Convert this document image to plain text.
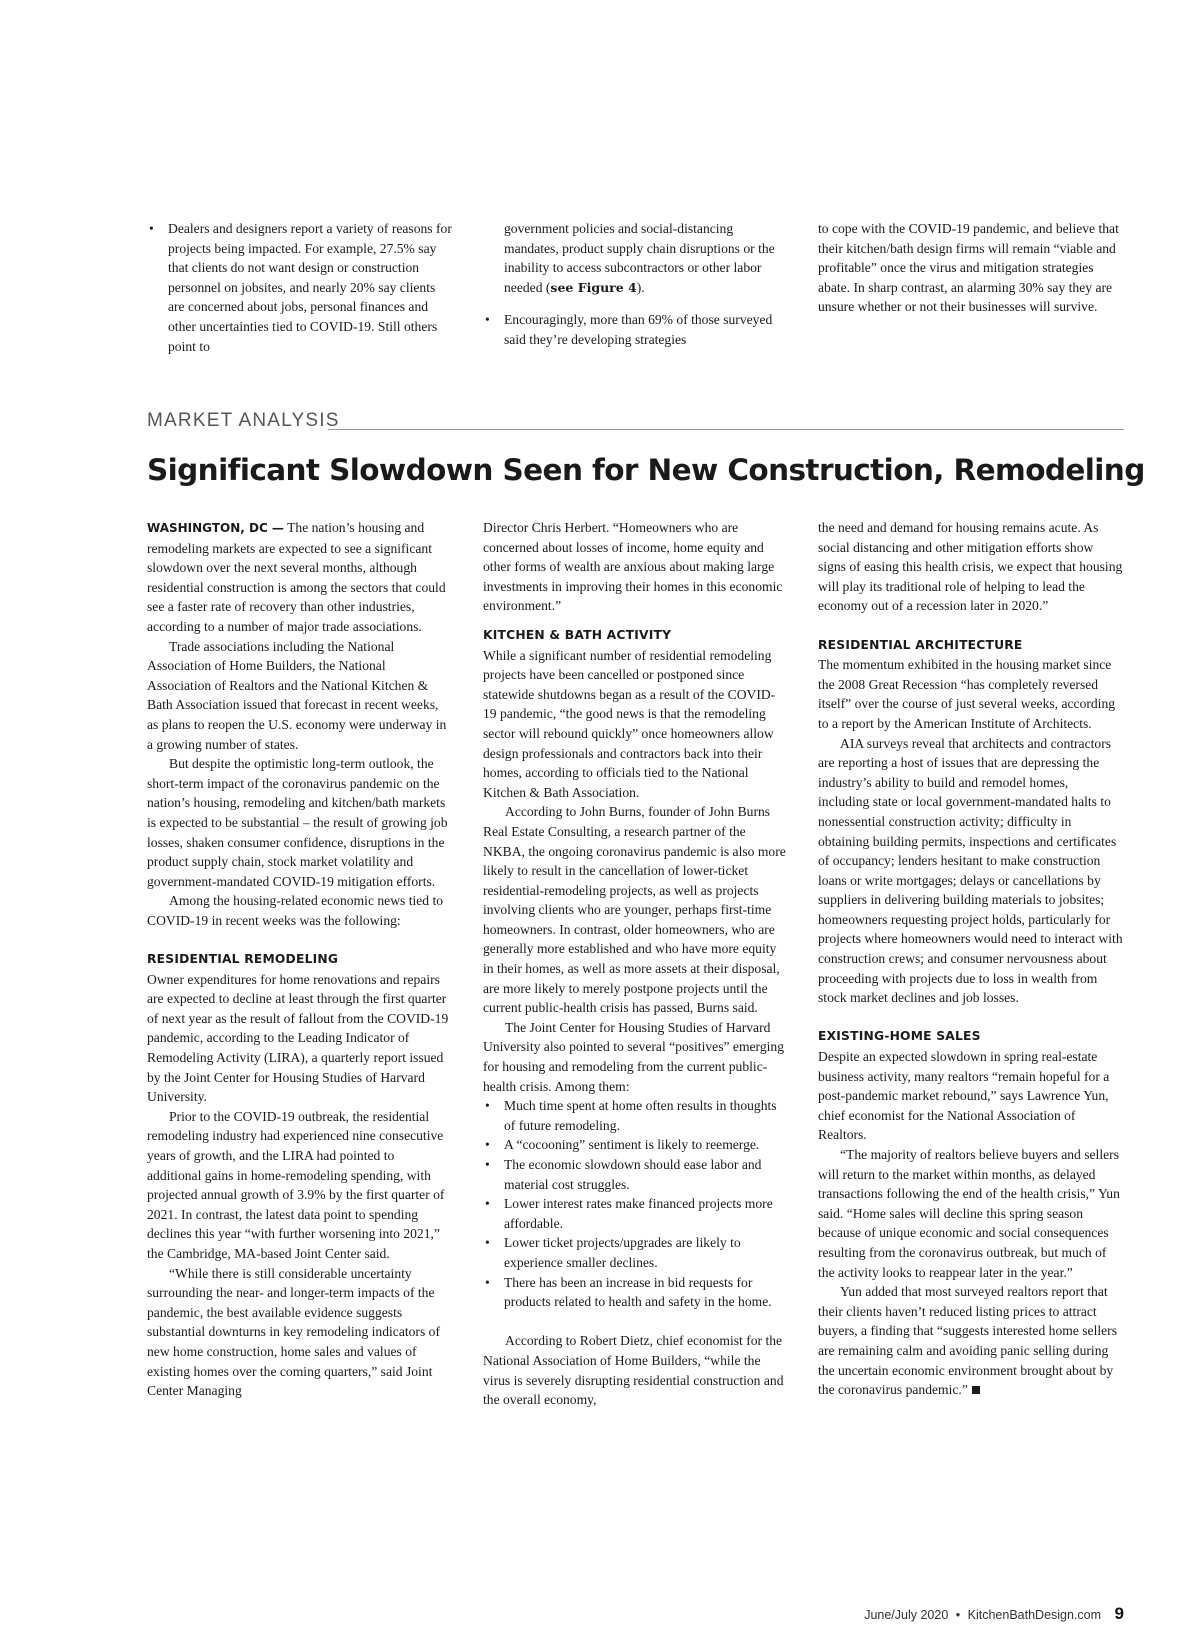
• Dealers and designers report a variety of reasons for projects being impacted. For example, 27.5% say that clients do not want design or construction personnel on jobsites, and nearly 20% say clients are concerned about jobs, personal finances and other uncertainties tied to COVID-19. Still others point to
government policies and social-distancing mandates, product supply chain disruptions or the inability to access subcontractors or other labor needed (see Figure 4).
• Encouragingly, more than 69% of those surveyed said they’re developing strategies

to cope with the COVID-19 pandemic, and believe that their kitchen/bath design firms will remain “viable and profitable” once the virus and mitigation strategies abate. In sharp contrast, an alarming 30% say they are unsure whether or not their businesses will survive.

MARKET ANALYSIS
Significant Slowdown Seen for New Construction, Remodeling

WASHINGTON, DC — The nation’s housing and remodeling markets are expected to see a significant slowdown over the next several months, although residential construction is among the sectors that could see a faster rate of recovery than other industries, according to a number of major trade associations.

Trade associations including the National Association of Home Builders, the National Association of Realtors and the National Kitchen & Bath Association issued that forecast in recent weeks, as plans to reopen the U.S. economy were underway in a growing number of states.

But despite the optimistic long-term outlook, the short-term impact of the coronavirus pandemic on the nation’s housing, remodeling and kitchen/bath markets is expected to be substantial – the result of growing job losses, shaken consumer confidence, disruptions in the product supply chain, stock market volatility and government-mandated COVID-19 mitigation efforts.

Among the housing-related economic news tied to COVID-19 in recent weeks was the following:

RESIDENTIAL REMODELING

Owner expenditures for home renovations and repairs are expected to decline at least through the first quarter of next year as the result of fallout from the COVID-19 pandemic, according to the Leading Indicator of Remodeling Activity (LIRA), a quarterly report issued by the Joint Center for Housing Studies of Harvard University.

Prior to the COVID-19 outbreak, the residential remodeling industry had experienced nine consecutive years of growth, and the LIRA had pointed to additional gains in home-remodeling spending, with projected annual growth of 3.9% by the first quarter of 2021. In contrast, the latest data point to spending declines this year “with further worsening into 2021,” the Cambridge, MA-based Joint Center said.

“While there is still considerable uncertainty surrounding the near- and longer-term impacts of the pandemic, the best available evidence suggests substantial downturns in key remodeling indicators of new home construction, home sales and values of existing homes over the coming quarters,” said Joint Center Managing

Director Chris Herbert. “Homeowners who are concerned about losses of income, home equity and other forms of wealth are anxious about making large investments in improving their homes in this economic environment.”

KITCHEN & BATH ACTIVITY

While a significant number of residential remodeling projects have been cancelled or postponed since statewide shutdowns began as a result of the COVID-19 pandemic, “the good news is that the remodeling sector will rebound quickly” once homeowners allow design professionals and contractors back into their homes, according to officials tied to the National Kitchen & Bath Association.

According to John Burns, founder of John Burns Real Estate Consulting, a research partner of the NKBA, the ongoing coronavirus pandemic is also more likely to result in the cancellation of lower-ticket residential-remodeling projects, as well as projects involving clients who are younger, perhaps first-time homeowners. In contrast, older homeowners, who are generally more established and who have more equity in their homes, as well as more assets at their disposal, are more likely to merely postpone projects until the current public-health crisis has passed, Burns said.

The Joint Center for Housing Studies of Harvard University also pointed to several “positives” emerging for housing and remodeling from the current public-health crisis. Among them:

• Much time spent at home often results in thoughts of future remodeling.
• A “cocooning” sentiment is likely to reemerge.
• The economic slowdown should ease labor and material cost struggles.
• Lower interest rates make financed projects more affordable.
• Lower ticket projects/upgrades are likely to experience smaller declines.
• There has been an increase in bid requests for products related to health and safety in the home.

According to Robert Dietz, chief economist for the National Association of Home Builders, “while the virus is severely disrupting residential construction and the overall economy,

the need and demand for housing remains acute. As social distancing and other mitigation efforts show signs of easing this health crisis, we expect that housing will play its traditional role of helping to lead the economy out of a recession later in 2020.”

RESIDENTIAL ARCHITECTURE

The momentum exhibited in the housing market since the 2008 Great Recession “has completely reversed itself” over the course of just several weeks, according to a report by the American Institute of Architects.

AIA surveys reveal that architects and contractors are reporting a host of issues that are depressing the industry’s ability to build and remodel homes, including state or local government-mandated halts to nonessential construction activity; difficulty in obtaining building permits, inspections and certificates of occupancy; lenders hesitant to make construction loans or write mortgages; delays or cancellations by suppliers in delivering building materials to jobsites; homeowners requesting project holds, particularly for projects where homeowners would need to interact with construction crews; and consumer nervousness about proceeding with projects due to loss in wealth from stock market declines and job losses.

EXISTING-HOME SALES

Despite an expected slowdown in spring real-estate business activity, many realtors “remain hopeful for a post-pandemic market rebound,” says Lawrence Yun, chief economist for the National Association of Realtors.

“The majority of realtors believe buyers and sellers will return to the market within months, as delayed transactions following the end of the health crisis,” Yun said. “Home sales will decline this spring season because of unique economic and social consequences resulting from the coronavirus outbreak, but much of the activity looks to reappear later in the year.”

Yun added that most surveyed realtors report that their clients haven’t reduced listing prices to attract buyers, a finding that “suggests interested home sellers are remaining calm and avoiding panic selling during the uncertain economic environment brought about by the coronavirus pandemic.”

June/July 2020 • KitchenBathDesign.com 9
